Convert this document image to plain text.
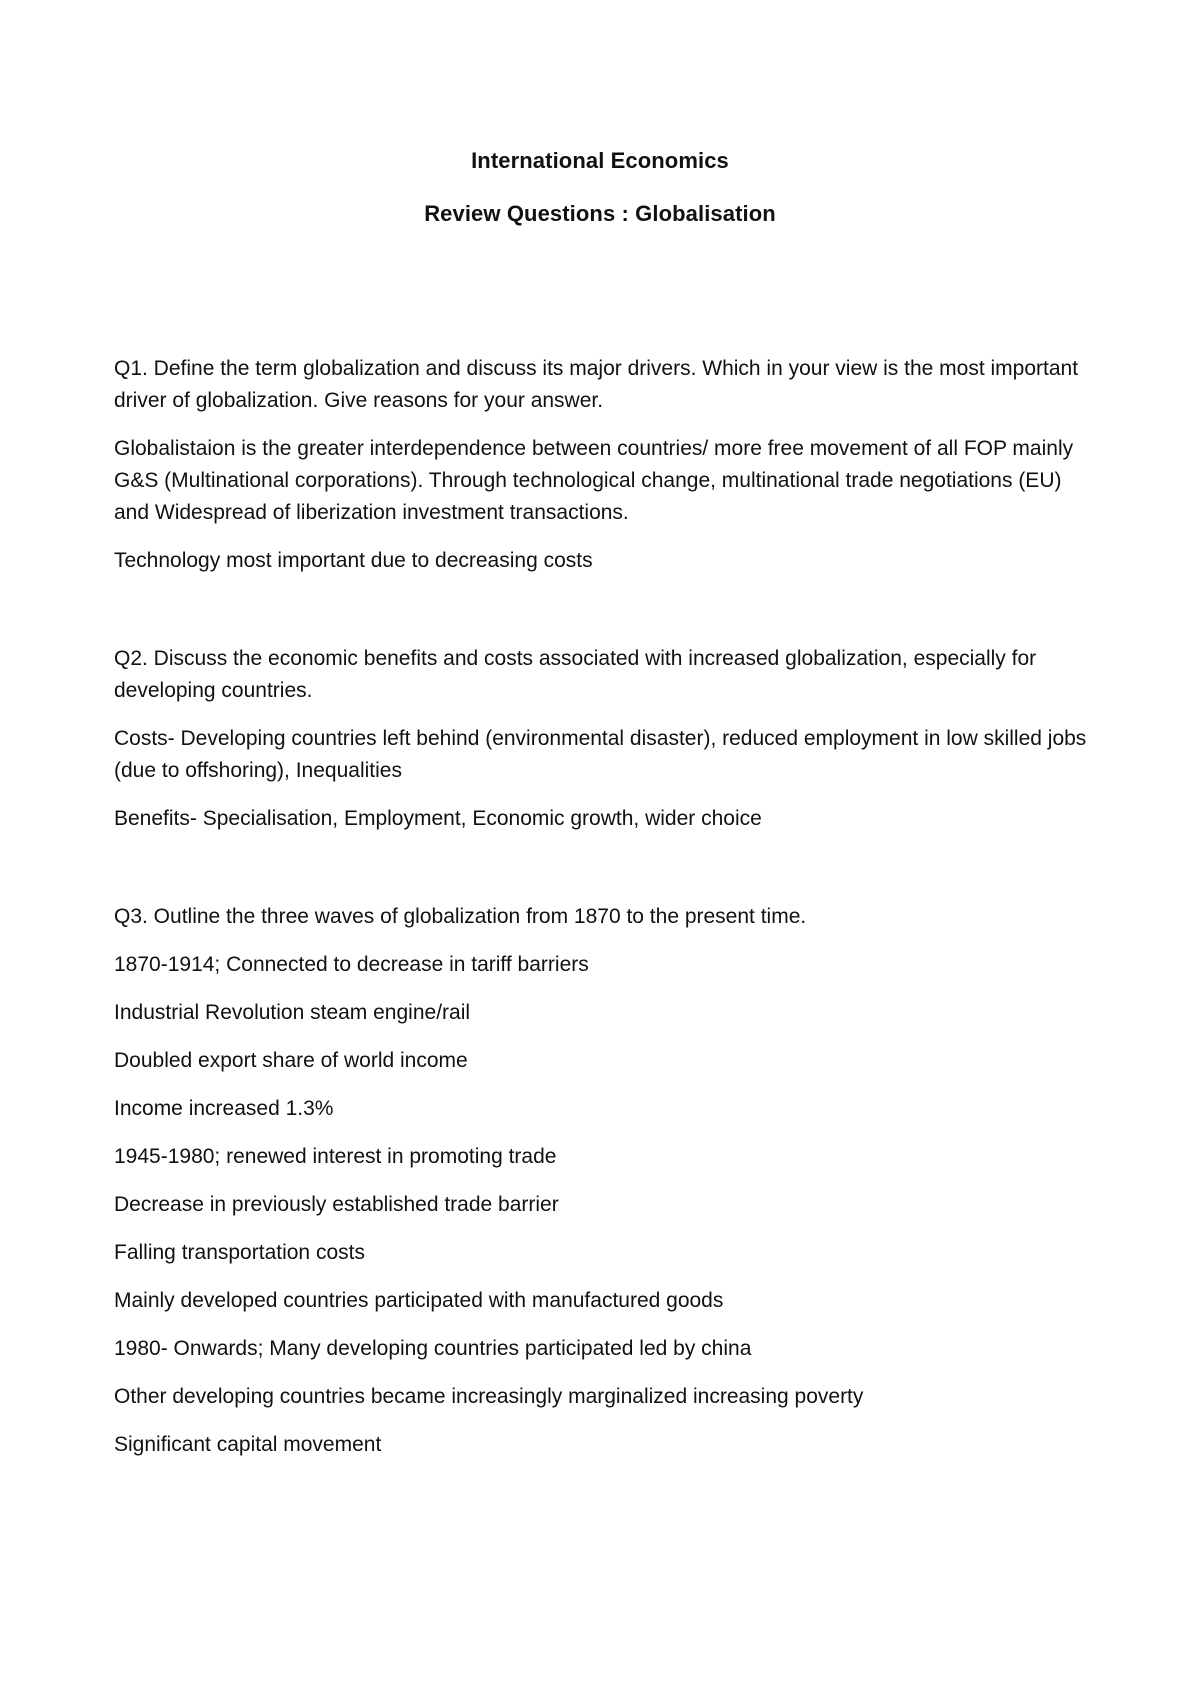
International Economics
Review Questions : Globalisation

Q1. Define the term globalization and discuss its major drivers. Which in your view is the most important driver of globalization. Give reasons for your answer.

Globalistaion is the greater interdependence between countries/ more free movement of all FOP mainly G&S (Multinational corporations). Through technological change, multinational trade negotiations (EU) and Widespread of liberization investment transactions.

Technology most important due to decreasing costs

Q2. Discuss the economic benefits and costs associated with increased globalization, especially for developing countries.

Costs- Developing countries left behind (environmental disaster), reduced employment in low skilled jobs (due to offshoring), Inequalities

Benefits- Specialisation, Employment, Economic growth, wider choice

Q3. Outline the three waves of globalization from 1870 to the present time.

1870-1914; Connected to decrease in tariff barriers

Industrial Revolution steam engine/rail

Doubled export share of world income

Income increased 1.3%

1945-1980; renewed interest in promoting trade

Decrease in previously established trade barrier

Falling transportation costs

Mainly developed countries participated with manufactured goods

1980- Onwards; Many developing countries participated led by china

Other developing countries became increasingly marginalized increasing poverty

Significant capital movement
